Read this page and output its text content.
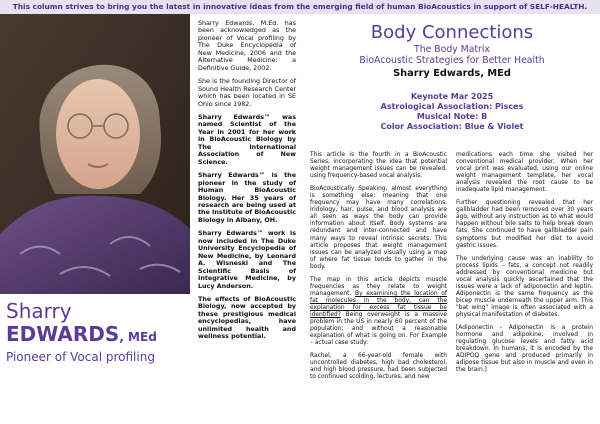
This column strives to bring you the latest in innovative ideas from the emerging field of human BioAcoustics in support of SELF-HEALTH.
Sharry
EDWARDS, MEd
Pioneer of Vocal profiling

Sharry Edwards, M.Ed. has been acknowledged as the pioneer of Vocal profiling by The Duke Encyclopedia of New Medicine, 2006 and the Alternative Medicine: a Definitive Guide, 2002.

She is the founding Director of Sound Health Research Center which has been located in SE Ohio since 1982.

Sharry Edwards™ was named Scientist of the Year in 2001 for her work in BioAcoustic Biology by The International Association of New Science.

Sharry Edwards™ is the pioneer in the study of Human BioAcoustic Biology. Her 35 years of research are being used at the Institute of BioAcoustic Biology in Albany, OH.

Sharry Edwards™ work is now included in The Duke University Encyclopedia of New Medicine, by Leonard A. Wisneski and The Scientific Basis of Integrative Medicine, by Lucy Anderson.

The effects of BioAcoustic Biology, now accepted by these prestigious medical encyclopedias, have unlimited health and wellness potential.

Body Connections
The Body Matrix
BioAcoustic Strategies for Better Health
Sharry Edwards, MEd
Keynote Mar 2025
Astrological Association: Pisces
Musical Note: B
Color Association: Blue & Violet

This article is the fourth in a BioAcoustic Series, incorporating the idea that potential weight management issues can be revealed, using frequency-based vocal analysis.

BioAcoustically Speaking, almost everything is something else: meaning that one frequency may have many correlations. Iridology, hair, pulse, and blood analysis are all seen as ways the body can provide information about itself. Body systems are redundant and inter-connected and have many ways to reveal intrinsic secrets. This article proposes that weight management issues can be analyzed visually using a map of where fat tissue tends to gather in the body.

The map in this article depicts muscle frequencies as they relate to weight management. By examining the location of fat molecules in the body, can the explanation for excess fat tissue be identified? Being overweight is a massive problem in the US in nearly 60 percent of the population; and without a reasonable explanation of what is going on. For Example – actual case study:

Rachel, a 66-year-old female with uncontrolled diabetes, high bad cholesterol, and high blood pressure, had been subjected to continued scolding, lectures, and new

medications each time she visited her conventional medical provider. When her vocal print was evaluated, using our online weight management template, her vocal analysis revealed the root cause to be inadequate lipid management.

Further questioning revealed that her gallbladder had been removed over 30 years ago, without any instruction as to what would happen without bile salts to help break down fats. She continued to have gallbladder pain symptoms but modified her diet to avoid gastric issues.

The underlying cause was an inability to process lipids – fats, a concept not readily addressed by conventional medicine but vocal analysis quickly ascertained that the issues were a lack of adiponectin and leptin. Adiponectin is the same frequency as the bicep muscle underneath the upper arm. This "bat wing" image is often associated with a physical manifestation of diabetes.

[Adiponectin - Adiponectin is a protein hormone and adipokine, involved in regulating glucose levels and fatty acid breakdown. In humans, it is encoded by the ADIPOQ gene and produced primarily in adipose tissue but also in muscle and even in the brain.]
